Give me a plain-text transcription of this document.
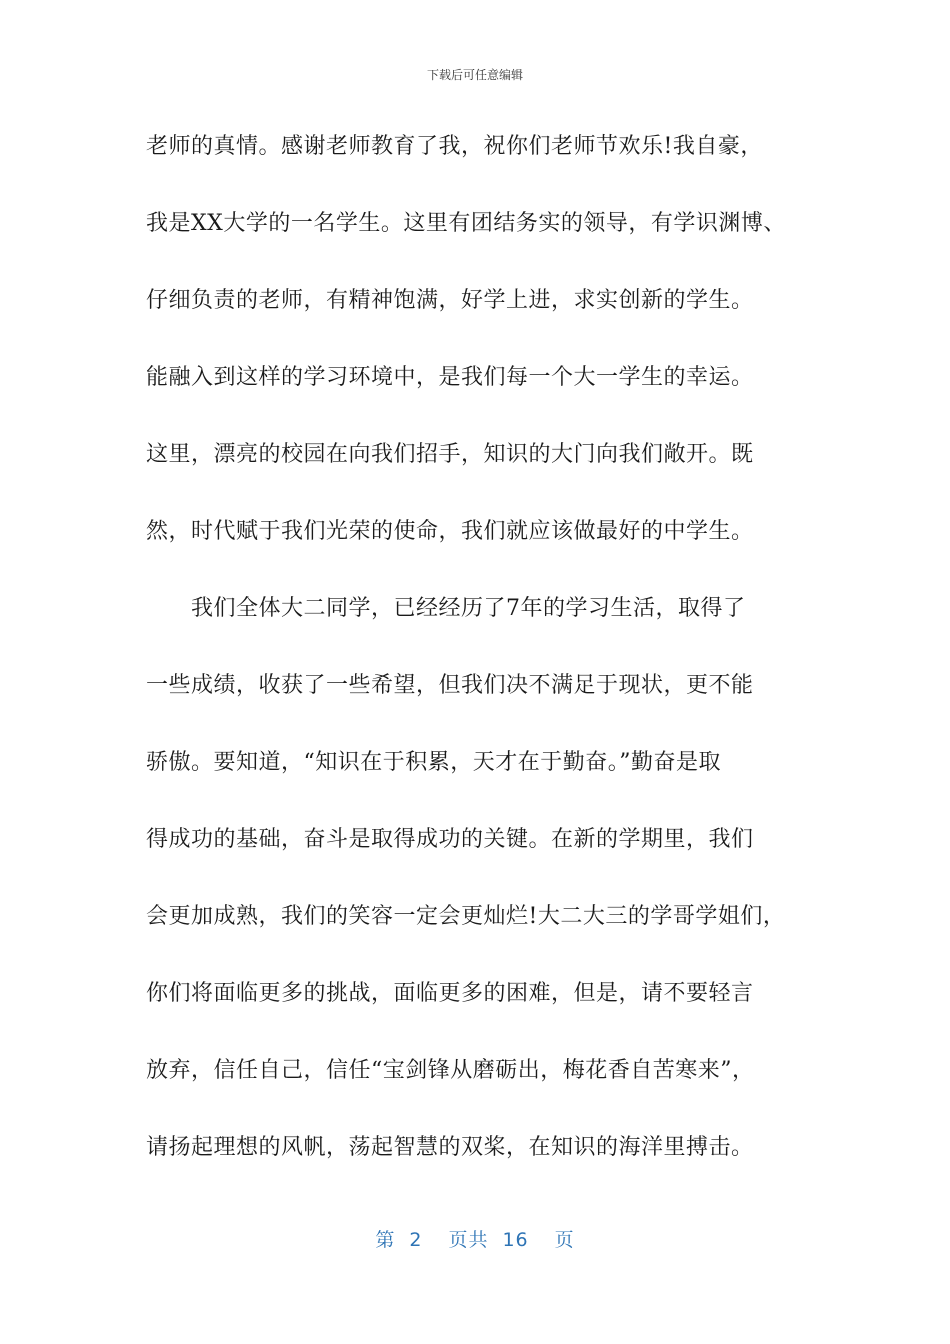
下载后可任意编辑
老师的真情。感谢老师教育了我，祝你们老师节欢乐!我自豪，
我是XX大学的一名学生。这里有团结务实的领导，有学识渊博、
仔细负责的老师，有精神饱满，好学上进，求实创新的学生。
能融入到这样的学习环境中，是我们每一个大一学生的幸运。
这里，漂亮的校园在向我们招手，知识的大门向我们敞开。既
然，时代赋于我们光荣的使命，我们就应该做最好的中学生。
我们全体大二同学，已经经历了7年的学习生活，取得了
一些成绩，收获了一些希望，但我们决不满足于现状，更不能
骄傲。要知道，“知识在于积累，天才在于勤奋。”勤奋是取
得成功的基础，奋斗是取得成功的关键。在新的学期里，我们
会更加成熟，我们的笑容一定会更灿烂!大二大三的学哥学姐们，
你们将面临更多的挑战，面临更多的困难，但是，请不要轻言
放弃，信任自己，信任“宝剑锋从磨砺出，梅花香自苦寒来”，
请扬起理想的风帆，荡起智慧的双桨，在知识的海洋里搏击。
第 2 页共 16 页
